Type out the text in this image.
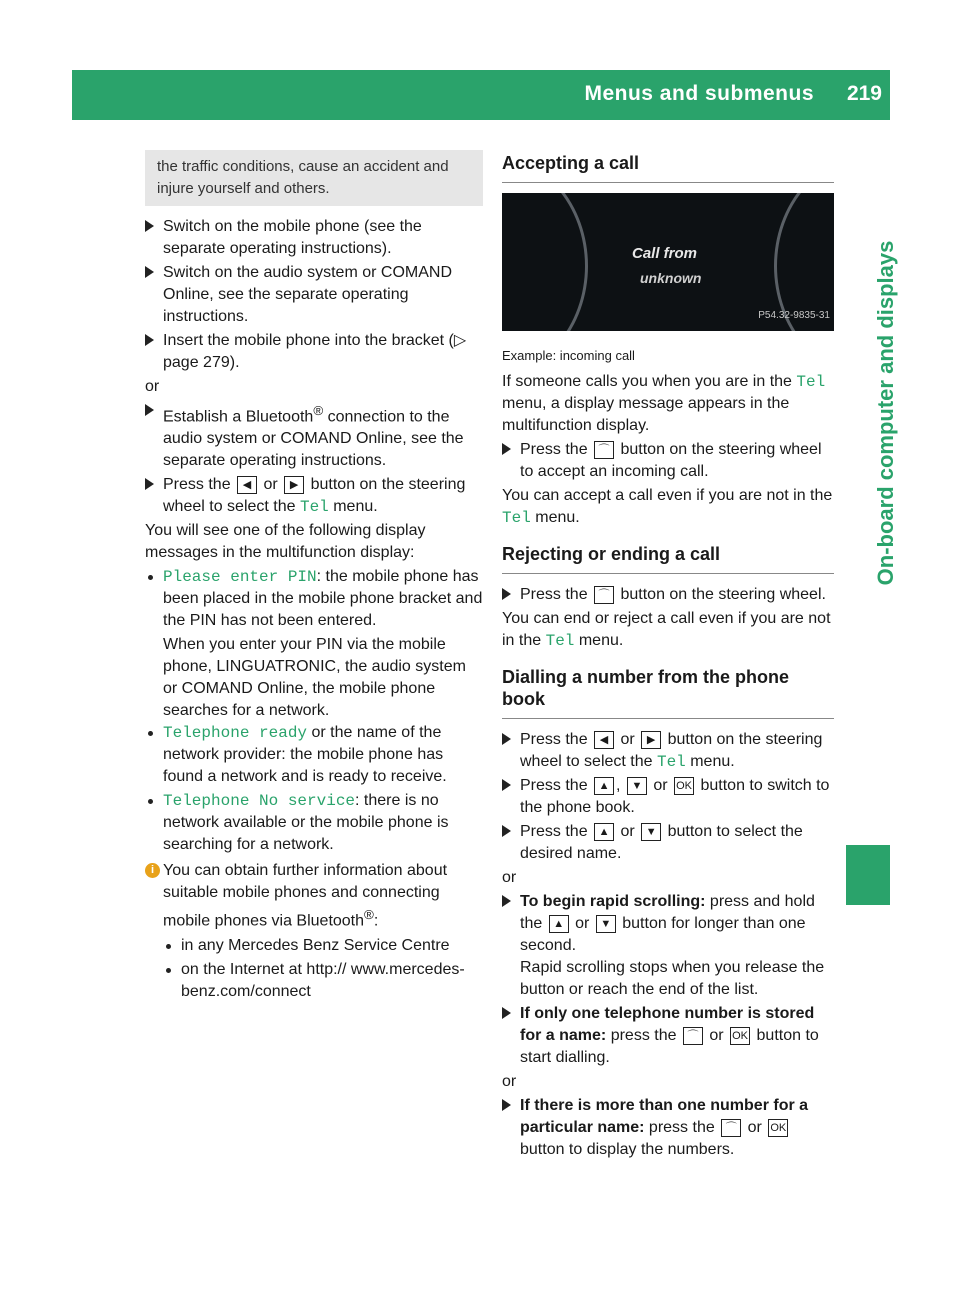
Menus and submenus 219
On-board computer and displays
the traffic conditions, cause an accident and injure yourself and others.
Switch on the mobile phone (see the separate operating instructions).
Switch on the audio system or COMAND Online, see the separate operating instructions.
Insert the mobile phone into the bracket (▷ page 279).

or

Establish a Bluetooth® connection to the audio system or COMAND Online, see the separate operating instructions.
Press the ◀ or ▶ button on the steering wheel to select the Tel menu.

You will see one of the following display messages in the multifunction display:

Please enter PIN: the mobile phone has been placed in the mobile phone bracket and the PIN has not been entered.
When you enter your PIN via the mobile phone, LINGUATRONIC, the audio system or COMAND Online, the mobile phone searches for a network.
Telephone ready or the name of the network provider: the mobile phone has found a network and is ready to receive.
Telephone No service: there is no network available or the mobile phone is searching for a network.
i You can obtain further information about suitable mobile phones and connecting mobile phones via Bluetooth®:
in any Mercedes Benz Service Centre
on the Internet at http:// www.mercedes-benz.com/connect
Accepting a call
Call from
unknown
P54.32-9835-31

Example: incoming call

If someone calls you when you are in the Tel menu, a display message appears in the multifunction display.

Press the ⌒ button on the steering wheel to accept an incoming call.

You can accept a call even if you are not in the Tel menu.

Rejecting or ending a call
Press the ⌒ button on the steering wheel.

You can end or reject a call even if you are not in the Tel menu.

Dialling a number from the phone book
Press the ◀ or ▶ button on the steering wheel to select the Tel menu.
Press the ▲ , ▼ or OK button to switch to the phone book.
Press the ▲ or ▼ button to select the desired name.

or

To begin rapid scrolling: press and hold the ▲ or ▼ button for longer than one second.
Rapid scrolling stops when you release the button or reach the end of the list.
If only one telephone number is stored for a name: press the ⌒ or OK button to start dialling.

or

If there is more than one number for a particular name: press the ⌒ or OK button to display the numbers.
